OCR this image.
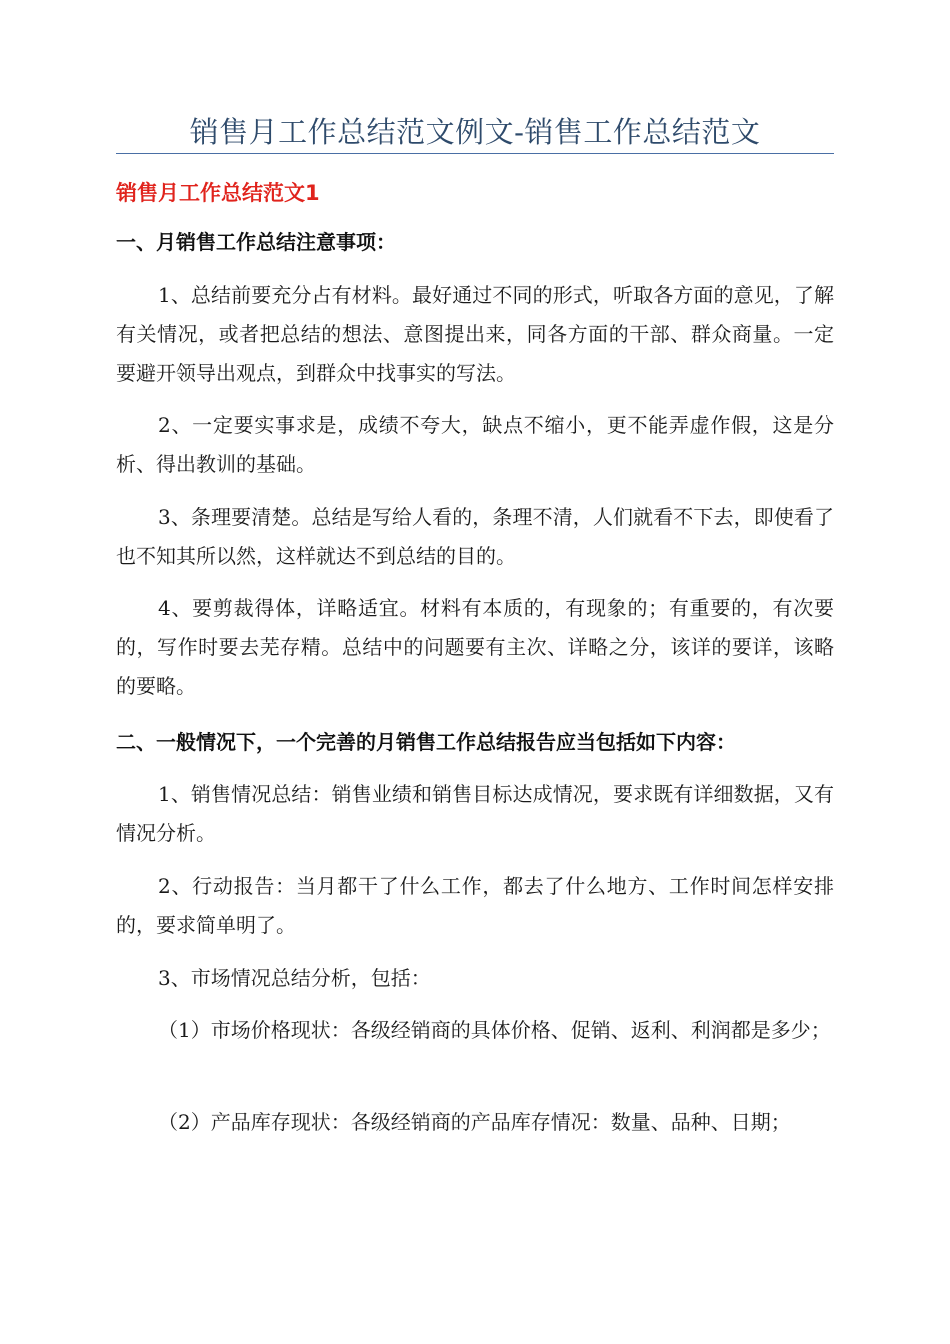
销售月工作总结范文例文-销售工作总结范文
销售月工作总结范文1
一、月销售工作总结注意事项：
1、总结前要充分占有材料。最好通过不同的形式，听取各方面的意见，了解有关情况，或者把总结的想法、意图提出来，同各方面的干部、群众商量。一定要避开领导出观点，到群众中找事实的写法。
2、一定要实事求是，成绩不夸大，缺点不缩小，更不能弄虚作假，这是分析、得出教训的基础。
3、条理要清楚。总结是写给人看的，条理不清，人们就看不下去，即使看了也不知其所以然，这样就达不到总结的目的。
4、要剪裁得体，详略适宜。材料有本质的，有现象的；有重要的，有次要的，写作时要去芜存精。总结中的问题要有主次、详略之分，该详的要详，该略的要略。
二、一般情况下，一个完善的月销售工作总结报告应当包括如下内容：
1、销售情况总结：销售业绩和销售目标达成情况，要求既有详细数据，又有情况分析。
2、行动报告：当月都干了什么工作，都去了什么地方、工作时间怎样安排的，要求简单明了。
3、市场情况总结分析，包括：
（1）市场价格现状：各级经销商的具体价格、促销、返利、利润都是多少；
（2）产品库存现状：各级经销商的产品库存情况：数量、品种、日期；
